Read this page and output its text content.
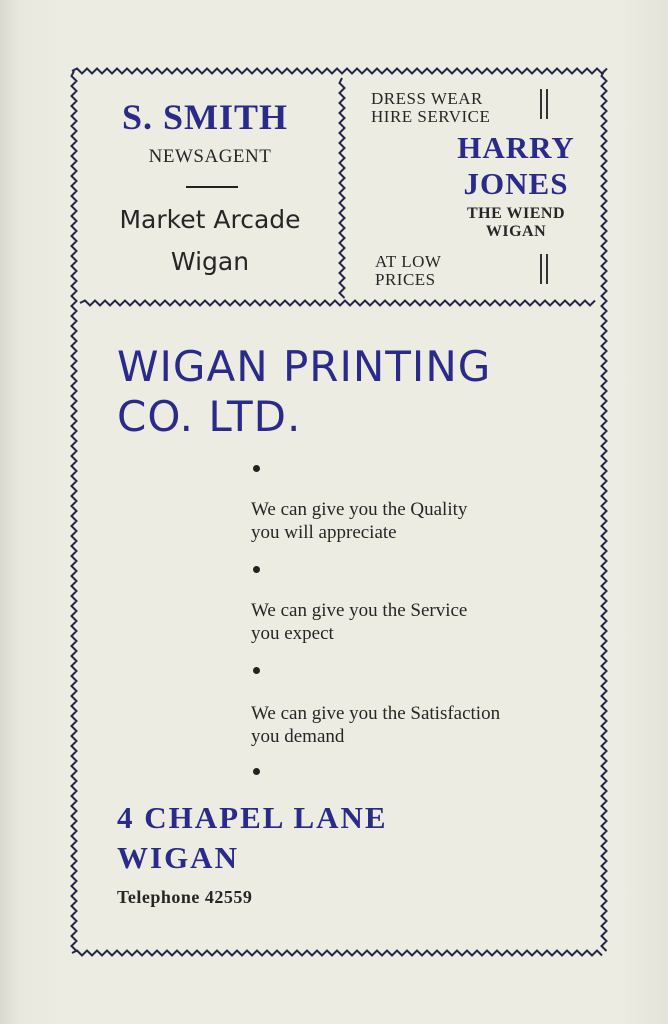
S. SMITH
NEWSAGENT
Market Arcade
Wigan
DRESS WEAR
HIRE SERVICE
HARRY
JONES
THE WIEND
WIGAN
AT LOW
PRICES
WIGAN PRINTING
CO. LTD.
We can give you the Quality
you will appreciate
We can give you the Service
you expect
We can give you the Satisfaction
you demand
4 CHAPEL LANE
WIGAN
Telephone 42559
